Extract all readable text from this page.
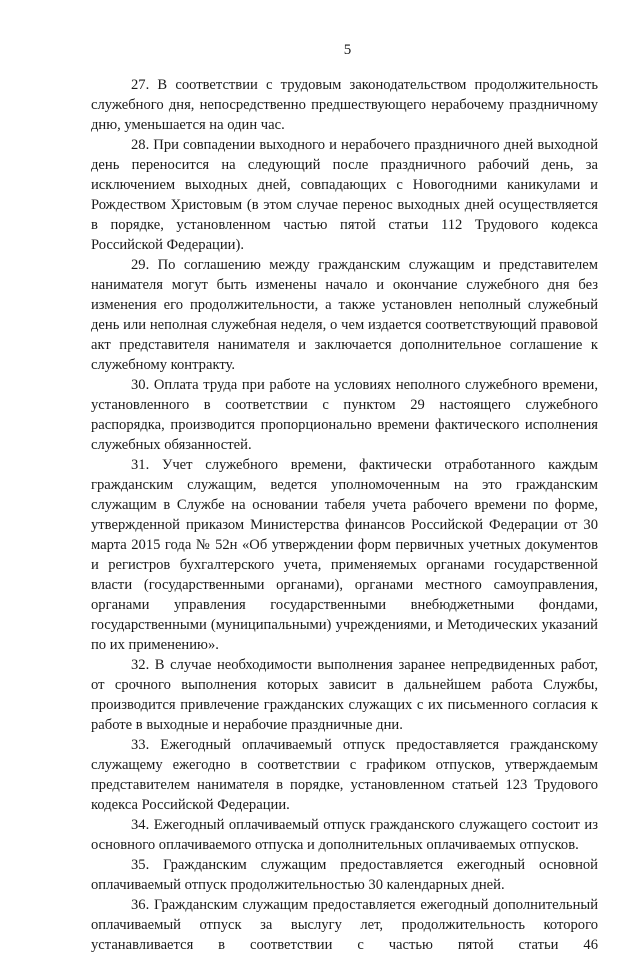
5

27. В соответствии с трудовым законодательством продолжительность служебного дня, непосредственно предшествующего нерабочему праздничному дню, уменьшается на один час.

28. При совпадении выходного и нерабочего праздничного дней выходной день переносится на следующий после праздничного рабочий день, за исключением выходных дней, совпадающих с Новогодними каникулами и Рождеством Христовым (в этом случае перенос выходных дней осуществляется в порядке, установленном частью пятой статьи 112 Трудового кодекса Российской Федерации).

29. По соглашению между гражданским служащим и представителем нанимателя могут быть изменены начало и окончание служебного дня без изменения его продолжительности, а также установлен неполный служебный день или неполная служебная неделя, о чем издается соответствующий правовой акт представителя нанимателя и заключается дополнительное соглашение к служебному контракту.

30. Оплата труда при работе на условиях неполного служебного времени, установленного в соответствии с пунктом 29 настоящего служебного распорядка, производится пропорционально времени фактического исполнения служебных обязанностей.

31. Учет служебного времени, фактически отработанного каждым гражданским служащим, ведется уполномоченным на это гражданским служащим в Службе на основании табеля учета рабочего времени по форме, утвержденной приказом Министерства финансов Российской Федерации от 30 марта 2015 года № 52н «Об утверждении форм первичных учетных документов и регистров бухгалтерского учета, применяемых органами государственной власти (государственными органами), органами местного самоуправления, органами управления государственными внебюджетными фондами, государственными (муниципальными) учреждениями, и Методических указаний по их применению».

32. В случае необходимости выполнения заранее непредвиденных работ, от срочного выполнения которых зависит в дальнейшем работа Службы, производится привлечение гражданских служащих с их письменного согласия к работе в выходные и нерабочие праздничные дни.

33. Ежегодный оплачиваемый отпуск предоставляется гражданскому служащему ежегодно в соответствии с графиком отпусков, утверждаемым представителем нанимателя в порядке, установленном статьей 123 Трудового кодекса Российской Федерации.

34. Ежегодный оплачиваемый отпуск гражданского служащего состоит из основного оплачиваемого отпуска и дополнительных оплачиваемых отпусков.

35. Гражданским служащим предоставляется ежегодный основной оплачиваемый отпуск продолжительностью 30 календарных дней.

36. Гражданским служащим предоставляется ежегодный дополнительный оплачиваемый отпуск за выслугу лет, продолжительность которого устанавливается в соответствии с частью пятой статьи 46
